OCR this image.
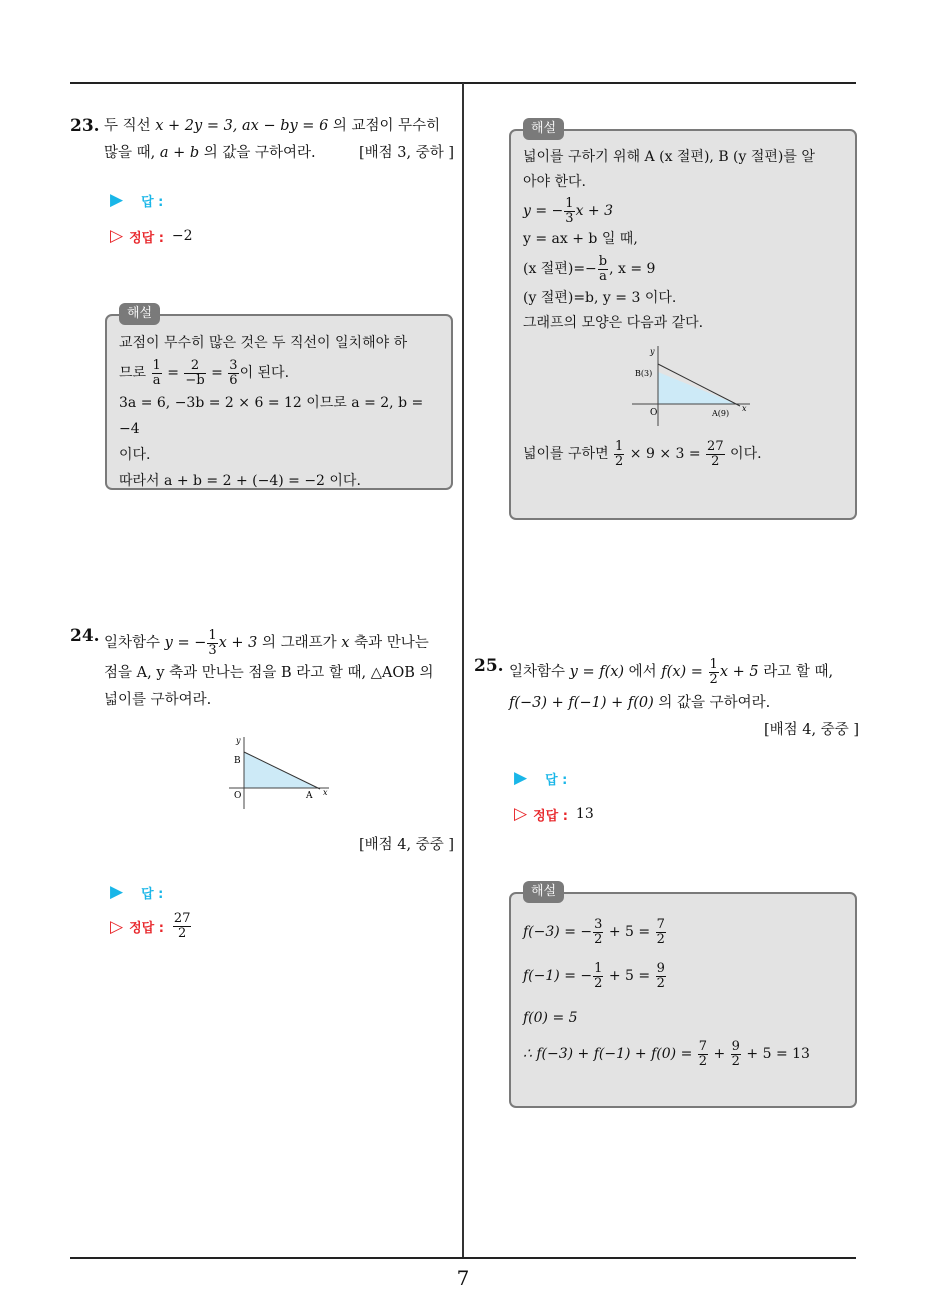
23. 두 직선 x + 2y = 3, ax − by = 6 의 교점이 무수히
많을 때, a + b 의 값을 구하여라.	[배점 3, 중하 ]
▶ 답 :
▷ 정답 : −2
해설

교점이 무수히 많은 것은 두 직선이 일치해야 하

므로 $\frac{1}{a} = \frac{2}{-b} = \frac{3}{6}$ 이 된다.

3a = 6, −3b = 2 × 6 = 12 이므로 a = 2, b = −4

이다.

따라서 a + b = 2 + (−4) = −2 이다.

24. 일차함수 y = − $\frac{1}{3}$ x + 3 의 그래프가 x 축과 만나는
점을 A, y 축과 만나는 점을 B 라고 할 때, △AOB 의
넓이를 구하여라.
y
x
O	A
B
[배점 4, 중중 ]
▶ 답 :
▷ 정답 : $\frac{27}{2}$
해설

넓이를 구하기 위해 A (x 절편), B (y 절편)를 알

아야 한다.

y = − $\frac{1}{3}$ x + 3

y = ax + b 일 때,

(x 절편)=− $\frac{b}{a}$ , x = 9

(y 절편)=b, y = 3 이다.

그래프의 모양은 다음과 같다.

y
x
O	A(9)
B(3)

넓이를 구하면 $\frac{1}{2} \times 9 \times 3 = \frac{27}{2}$ 이다.

25. 일차함수 y = f(x) 에서 $f(x) = \frac{1}{2}$ x + 5 라고 할 때,
f(−3) + f(−1) + f(0) 의 값을 구하여라.
[배점 4, 중중 ]
▶ 답 :
▷ 정답 : 13
해설

f(−3) = − $\frac{3}{2} + 5 = \frac{7}{2}$

f(−1) = − $\frac{1}{2} + 5 = \frac{9}{2}$

f(0) = 5

∴ $f(-3) + f(-1) + f(0) = \frac{7}{2} + \frac{9}{2} + 5 = 13$

7
